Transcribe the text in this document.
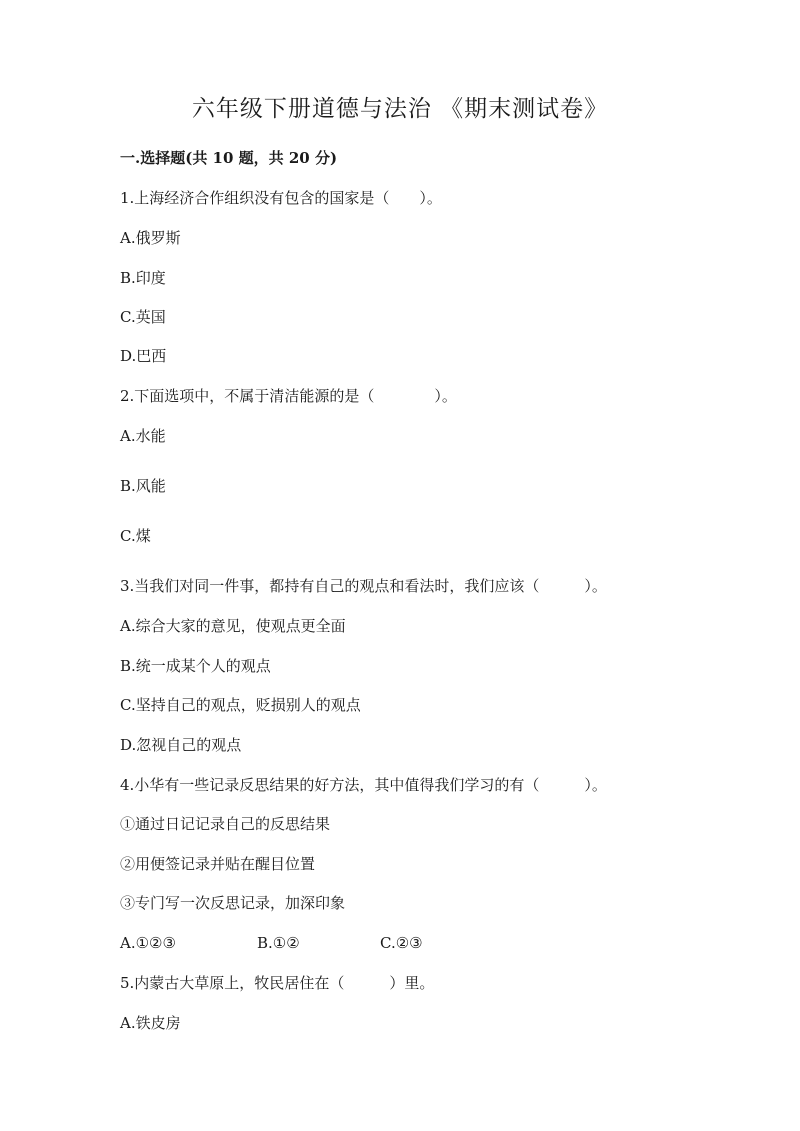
六年级下册道德与法治 《期末测试卷》
一.选择题(共 10 题，共 20 分)
1.上海经济合作组织没有包含的国家是（　　）。
A.俄罗斯
B.印度
C.英国
D.巴西
2.下面选项中，不属于清洁能源的是（　　　　）。
A.水能
B.风能
C.煤
3.当我们对同一件事，都持有自己的观点和看法时，我们应该（　　　）。
A.综合大家的意见，使观点更全面
B.统一成某个人的观点
C.坚持自己的观点，贬损别人的观点
D.忽视自己的观点
4.小华有一些记录反思结果的好方法，其中值得我们学习的有（　　　）。
①通过日记记录自己的反思结果
②用便签记录并贴在醒目位置
③专门写一次反思记录，加深印象

A.①②③

	B.①②

	C.②③

5.内蒙古大草原上，牧民居住在（　　　）里。
A.铁皮房
